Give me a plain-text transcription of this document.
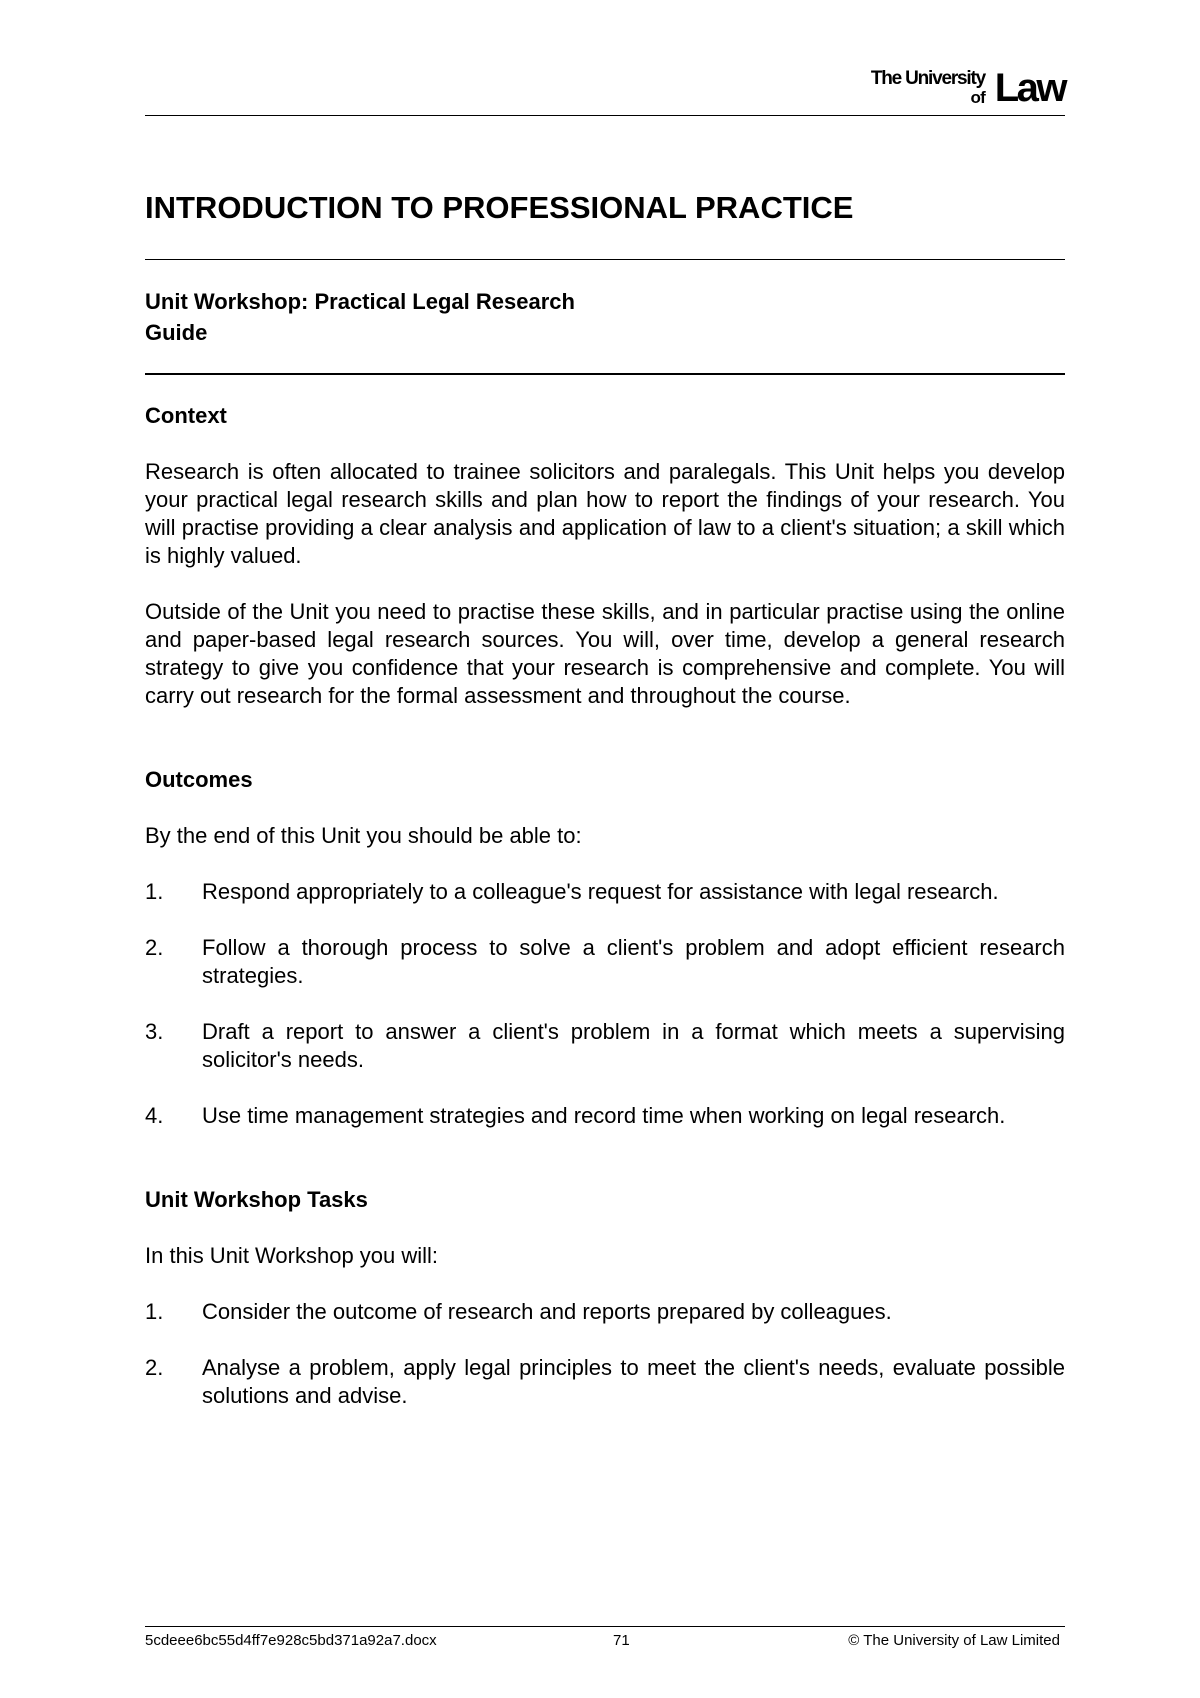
The University
of Law
INTRODUCTION TO PROFESSIONAL PRACTICE
Unit Workshop: Practical Legal Research
Guide

Context

Research is often allocated to trainee solicitors and paralegals. This Unit helps you develop your practical legal research skills and plan how to report the findings of your research. You will practise providing a clear analysis and application of law to a client's situation; a skill which is highly valued.

Outside of the Unit you need to practise these skills, and in particular practise using the online and paper-based legal research sources. You will, over time, develop a general research strategy to give you confidence that your research is comprehensive and complete. You will carry out research for the formal assessment and throughout the course.

Outcomes

By the end of this Unit you should be able to:

1. Respond appropriately to a colleague's request for assistance with legal research.
2. Follow a thorough process to solve a client's problem and adopt efficient research strategies.
3. Draft a report to answer a client's problem in a format which meets a supervising solicitor's needs.
4. Use time management strategies and record time when working on legal research.

Unit Workshop Tasks

In this Unit Workshop you will:

1. Consider the outcome of research and reports prepared by colleagues.
2. Analyse a problem, apply legal principles to meet the client's needs, evaluate possible solutions and advise.
5cdeee6bc55d4ff7e928c5bd371a92a7.docx	71	© The University of Law Limited
